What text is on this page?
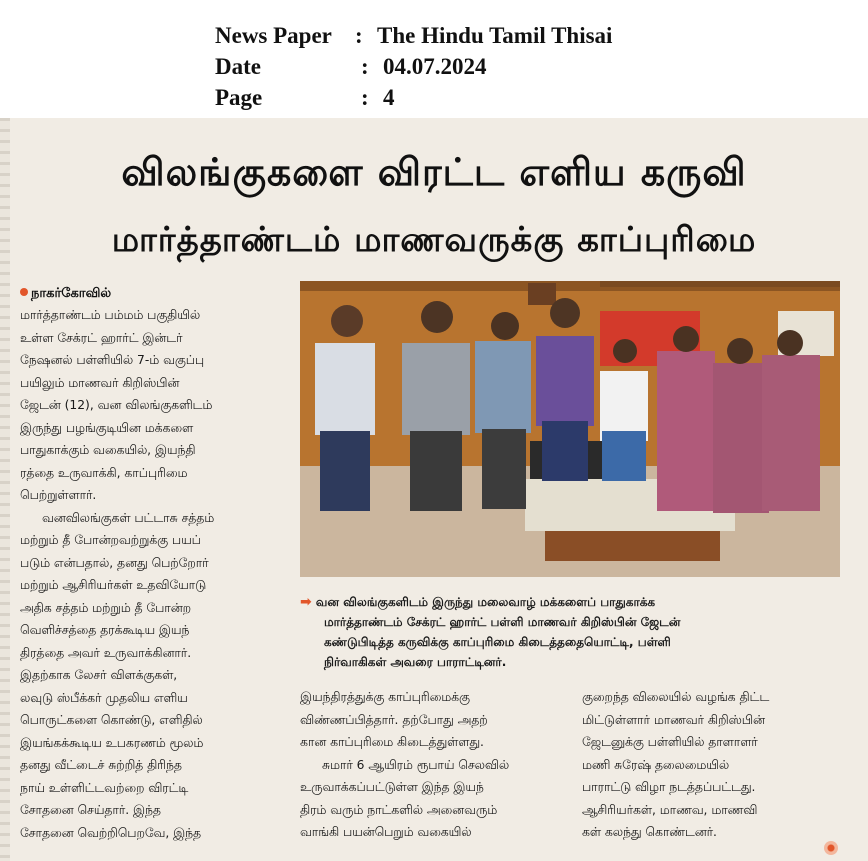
News Paper : The Hindu Tamil Thisai
Date	: 04.07.2024
Page	: 4
விலங்குகளை விரட்ட எளிய கருவி
மார்த்தாண்டம் மாணவருக்கு காப்புரிமை
நாகர்கோவில்
மார்த்தாண்டம் பம்மம் பகுதியில்
உள்ள சேக்ரட் ஹார்ட் இன்டர்
நேஷனல் பள்ளியில் 7-ம் வகுப்பு
பயிலும் மாணவர் கிறிஸ்பின்
ஜேடன் (12), வன விலங்குகளிடம்
இருந்து பழங்குடியின மக்களை
பாதுகாக்கும் வகையில், இயந்தி
ரத்தை உருவாக்கி, காப்புரிமை
பெற்றுள்ளார்.
வனவிலங்குகள் பட்டாசு சத்தம்
மற்றும் தீ போன்றவற்றுக்கு பயப்
படும் என்பதால், தனது பெற்றோர்
மற்றும் ஆசிரியர்கள் உதவியோடு
அதிக சத்தம் மற்றும் தீ போன்ற
வெளிச்சத்தை தரக்கூடிய இயந்
திரத்தை அவர் உருவாக்கினார்.
இதற்காக லேசர் விளக்குகள்,
லவுடு ஸ்பீக்கர் முதலிய எளிய
பொருட்களை கொண்டு, எளிதில்
இயங்கக்கூடிய உபகரணம் மூலம்
தனது வீட்டைச் சுற்றித் திரிந்த
நாய் உள்ளிட்டவற்றை விரட்டி
சோதனை செய்தார். இந்த
சோதனை வெற்றிபெறவே, இந்த
➡ வன விலங்குகளிடம் இருந்து மலைவாழ் மக்களைப் பாதுகாக்க
மார்த்தாண்டம் சேக்ரட் ஹார்ட் பள்ளி மாணவர் கிறிஸ்பின் ஜேடன்
கண்டுபிடித்த கருவிக்கு காப்புரிமை கிடைத்ததையொட்டி, பள்ளி
நிர்வாகிகள் அவரை பாராட்டினர்.
இயந்திரத்துக்கு காப்புரிமைக்கு
விண்ணப்பித்தார். தற்போது அதற்
கான காப்புரிமை கிடைத்துள்ளது.
சுமார் 6 ஆயிரம் ரூபாய் செலவில்
உருவாக்கப்பட்டுள்ள இந்த இயந்
திரம் வரும் நாட்களில் அனைவரும்
வாங்கி பயன்பெறும் வகையில்
குறைந்த விலையில் வழங்க திட்ட
மிட்டுள்ளார் மாணவர் கிறிஸ்பின்
ஜேடனுக்கு பள்ளியில் தாளாளர்
மணி சுரேஷ் தலைமையில்
பாராட்டு விழா நடத்தப்பட்டது.
ஆசிரியர்கள், மாணவ, மாணவி
கள் கலந்து கொண்டனர்.
